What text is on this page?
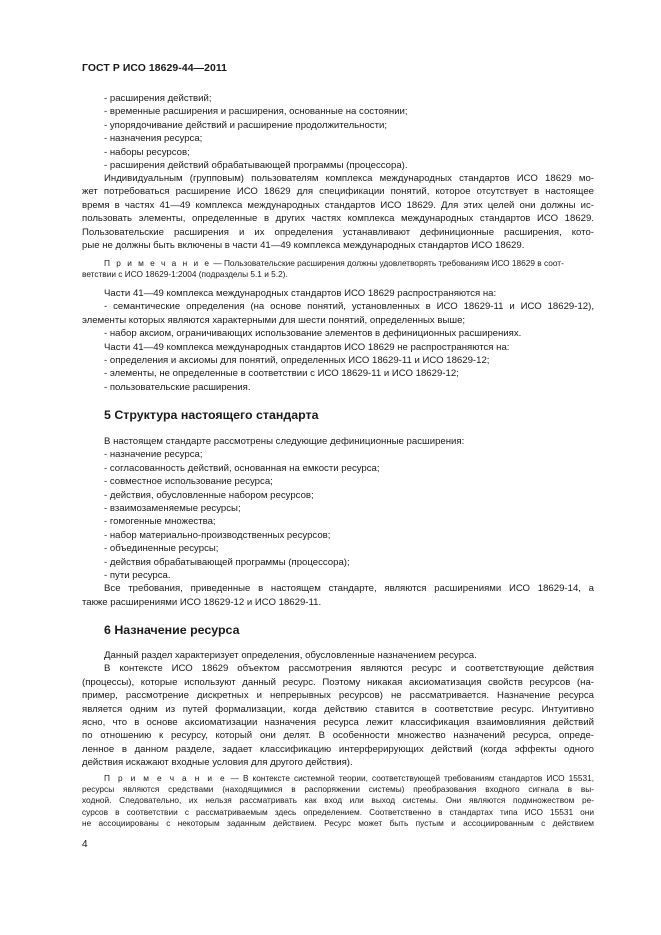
ГОСТ Р ИСО 18629-44—2011
- расширения действий;
- временные расширения и расширения, основанные на состоянии;
- упорядочивание действий и расширение продолжительности;
- назначения ресурса;
- наборы ресурсов;
- расширения действий обрабатывающей программы (процессора).
Индивидуальным (групповым) пользователям комплекса международных стандартов ИСО 18629 мо-
жет потребоваться расширение ИСО 18629 для спецификации понятий, которое отсутствует в настоящее
время в частях 41—49 комплекса международных стандартов ИСО 18629. Для этих целей они должны ис-
пользовать элементы, определенные в других частях комплекса международных стандартов ИСО 18629.
Пользовательские расширения и их определения устанавливают дефиниционные расширения, кото-
рые не должны быть включены в части 41—49 комплекса международных стандартов ИСО 18629.
П р и м е ч а н и е — Пользовательские расширения должны удовлетворять требованиям ИСО 18629 в соот-
ветствии с ИСО 18629-1:2004 (подразделы 5.1 и 5.2).
Части 41—49 комплекса международных стандартов ИСО 18629 распространяются на:
- семантические определения (на основе понятий, установленных в ИСО 18629-11 и ИСО 18629-12),
элементы которых являются характерными для шести понятий, определенных выше;
- набор аксиом, ограничивающих использование элементов в дефиниционных расширениях.
Части 41—49 комплекса международных стандартов ИСО 18629 не распространяются на:
- определения и аксиомы для понятий, определенных ИСО 18629-11 и ИСО 18629-12;
- элементы, не определенные в соответствии с ИСО 18629-11 и ИСО 18629-12;
- пользовательские расширения.
5 Структура настоящего стандарта
В настоящем стандарте рассмотрены следующие дефиниционные расширения:
- назначение ресурса;
- согласованность действий, основанная на емкости ресурса;
- совместное использование ресурса;
- действия, обусловленные набором ресурсов;
- взаимозаменяемые ресурсы;
- гомогенные множества;
- набор материально-производственных ресурсов;
- объединенные ресурсы;
- действия обрабатывающей программы (процессора);
- пути ресурса.
Все требования, приведенные в настоящем стандарте, являются расширениями ИСО 18629-14, а
также расширениями ИСО 18629-12 и ИСО 18629-11.
6 Назначение ресурса
Данный раздел характеризует определения, обусловленные назначением ресурса.
В контексте ИСО 18629 объектом рассмотрения являются ресурс и соответствующие действия
(процессы), которые используют данный ресурс. Поэтому никакая аксиоматизация свойств ресурсов (на-
пример, рассмотрение дискретных и непрерывных ресурсов) не рассматривается. Назначение ресурса
является одним из путей формализации, когда действию ставится в соответствие ресурс. Интуитивно
ясно, что в основе аксиоматизации назначения ресурса лежит классификация взаимовлияния действий
по отношению к ресурсу, который они делят. В особенности множество назначений ресурса, опреде-
ленное в данном разделе, задает классификацию интерферирующих действий (когда эффекты одного
действия искажают входные условия для другого действия).
П р и м е ч а н и е — В контексте системной теории, соответствующей требованиям стандартов ИСО 15531,
ресурсы являются средствами (находящимися в распоряжении системы) преобразования входного сигнала в вы-
ходной. Следовательно, их нельзя рассматривать как вход или выход системы. Они являются подмножеством ре-
сурсов в соответствии с рассматриваемым здесь определением. Соответственно в стандартах типа ИСО 15531 они
не ассоциированы с некоторым заданным действием. Ресурс может быть пустым и ассоциированным с действием
4
